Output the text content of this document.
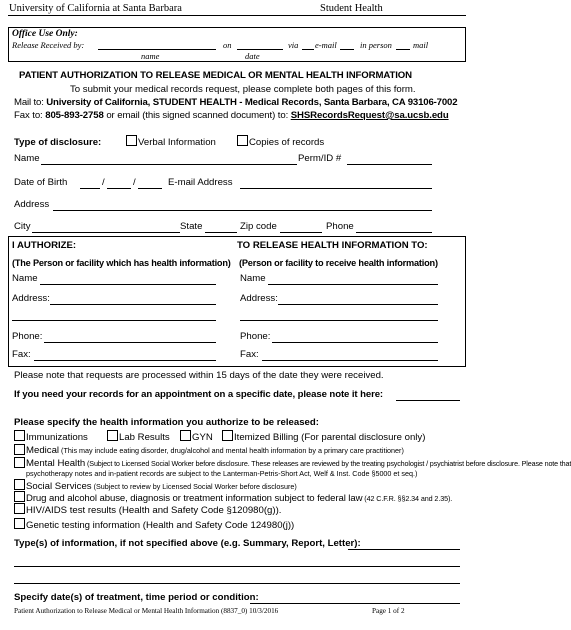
University of California at Santa Barbara	Student Health
Office Use Only:
Release Received by:	on	via e-mail	in person mail
name	date
PATIENT AUTHORIZATION TO RELEASE MEDICAL OR MENTAL HEALTH INFORMATION
To submit your medical records request, please complete both pages of this form.
Mail to: University of California, STUDENT HEALTH - Medical Records, Santa Barbara, CA 93106-7002
Fax to: 805-893-2758 or email (this signed scanned document) to: SHSRecordsRequest@sa.ucsb.edu
Type of disclosure:	Verbal Information	Copies of records
Name	Perm/ID #
Date of Birth	/	/	E-mail Address
Address
City	State	Zip code	Phone
I AUTHORIZE:	TO RELEASE HEALTH INFORMATION TO:
(The Person or facility which has health information) (Person or facility to receive health information)
Name	Name
Address:	Address:
Phone:	Phone:
Fax:	Fax:
Please note that requests are processed within 15 days of the date they were received.
If you need your records for an appointment on a specific date, please note it here:
Please specify the health information you authorize to be released:
Immunizations	Lab Results GYN Itemized Billing (For parental disclosure only)
Medical (This may include eating disorder, drug/alcohol and mental health information by a primary care practitioner)
Mental Health (Subject to Licensed Social Worker before disclosure. These releases are reviewed by the treating psychologist / psychiatrist before disclosure. Please note that
psychotherapy notes and in-patient records are subject to the Lanterman-Petris-Short Act, Welf & Inst. Code §5000 et seq.)
Social Services (Subject to review by Licensed Social Worker before disclosure)
Drug and alcohol abuse, diagnosis or treatment information subject to federal law (42 C.F.R. §§2.34 and 2.35).
HIV/AIDS test results (Health and Safety Code §120980(g)).
Genetic testing information (Health and Safety Code 124980(j))
Type(s) of information, if not specified above (e.g. Summary, Report, Letter):
Specify date(s) of treatment, time period or condition:
Patient Authorization to Release Medical or Mental Health Information (8837_0) 10/3/2016	Page 1 of 2
